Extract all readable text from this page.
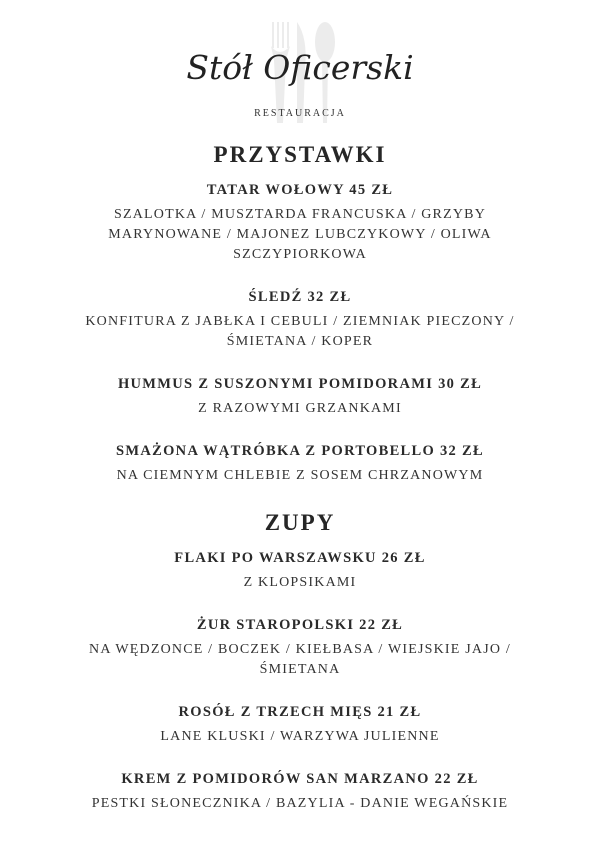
Stół Oficerski
RESTAURACJA
PRZYSTAWKI
TATAR WOŁOWY 45 ZŁ
SZALOTKA / MUSZTARDA FRANCUSKA / GRZYBY MARYNOWANE / MAJONEZ LUBCZYKOWY / OLIWA SZCZYPIORKOWA
ŚLEDŹ 32 ZŁ
KONFITURA Z JABŁKA I CEBULI / ZIEMNIAK PIECZONY / ŚMIETANA / KOPER
HUMMUS Z SUSZONYMI POMIDORAMI 30 ZŁ
Z RAZOWYMI GRZANKAMI
SMAŻONA WĄTRÓBKA Z PORTOBELLO 32 ZŁ
NA CIEMNYM CHLEBIE Z SOSEM CHRZANOWYM
ZUPY
FLAKI PO WARSZAWSKU 26 ZŁ
Z KLOPSIKAMI
ŻUR STAROPOLSKI 22 ZŁ
NA WĘDZONCE / BOCZEK / KIEŁBASA / WIEJSKIE JAJO / ŚMIETANA
ROSÓŁ Z TRZECH MIĘS 21 ZŁ
LANE KLUSKI / WARZYWA JULIENNE
KREM Z POMIDORÓW SAN MARZANO 22 ZŁ
PESTKI SŁONECZNIKA / BAZYLIA - DANIE WEGAŃSKIE
